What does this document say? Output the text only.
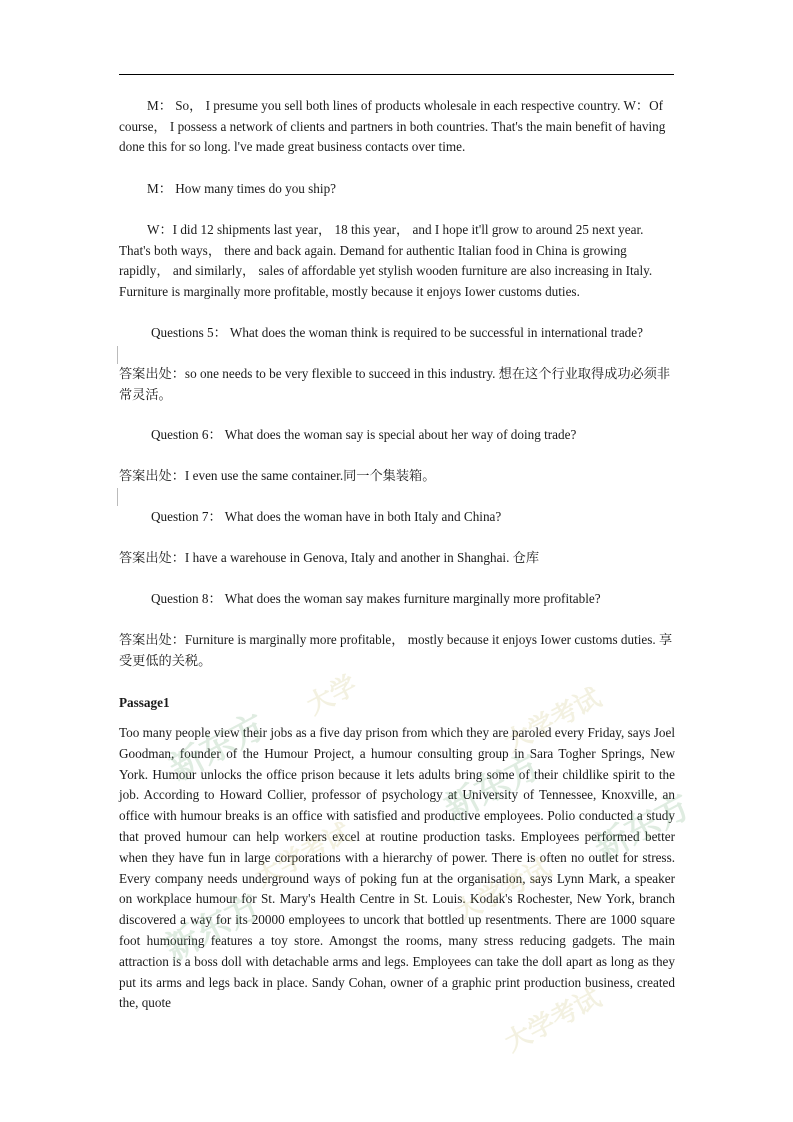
M： So， I presume you sell both lines of products wholesale in each respective country. W：Of course， I possess a network of clients and partners in both countries. That's the main benefit of having done this for so long. l've made great business contacts over time.

M： How many times do you ship?

W：I did 12 shipments last year， 18 this year， and I hope it'll grow to around 25 next year. That's both ways， there and back again. Demand for authentic Italian food in China is growing rapidly， and similarly， sales of affordable yet stylish wooden furniture are also increasing in Italy. Furniture is marginally more profitable, mostly because it enjoys Iower customs duties.

Questions 5： What does the woman think is required to be successful in international trade?

答案出处：so one needs to be very flexible to succeed in this industry. 想在这个行业取得成功必须非常灵活。

Question 6： What does the woman say is special about her way of doing trade?

答案出处：I even use the same container.同一个集装箱。

Question 7： What does the woman have in both Italy and China?

答案出处：I have a warehouse in Genova, Italy and another in Shanghai. 仓库

Question 8： What does the woman say makes furniture marginally more profitable?

答案出处：Furniture is marginally more profitable， mostly because it enjoys Iower customs duties. 享受更低的关税。

Passage1

Too many people view their jobs as a five day prison from which they are paroled every Friday, says Joel Goodman, founder of the Humour Project, a humour consulting group in Sara Togher Springs, New York. Humour unlocks the office prison because it lets adults bring some of their childlike spirit to the job. According to Howard Collier, professor of psychology at University of Tennessee, Knoxville, an office with humour breaks is an office with satisfied and productive employees. Polio conducted a study that proved humour can help workers excel at routine production tasks. Employees performed better when they have fun in large corporations with a hierarchy of power. There is often no outlet for stress. Every company needs underground ways of poking fun at the organisation, says Lynn Mark, a speaker on workplace humour for St. Mary's Health Centre in St. Louis. Kodak's Rochester, New York, branch discovered a way for its 20000 employees to uncork that bottled up resentments. There are 1000 square foot humouring features a toy store. Amongst the rooms, many stress reducing gadgets. The main attraction is a boss doll with detachable arms and legs. Employees can take the doll apart as long as they put its arms and legs back in place. Sandy Cohan, owner of a graphic print production business, created the, quote

新东方
大学	大学考试
新东方
大学考试	新东方
大学考试
新东方
大学考试
